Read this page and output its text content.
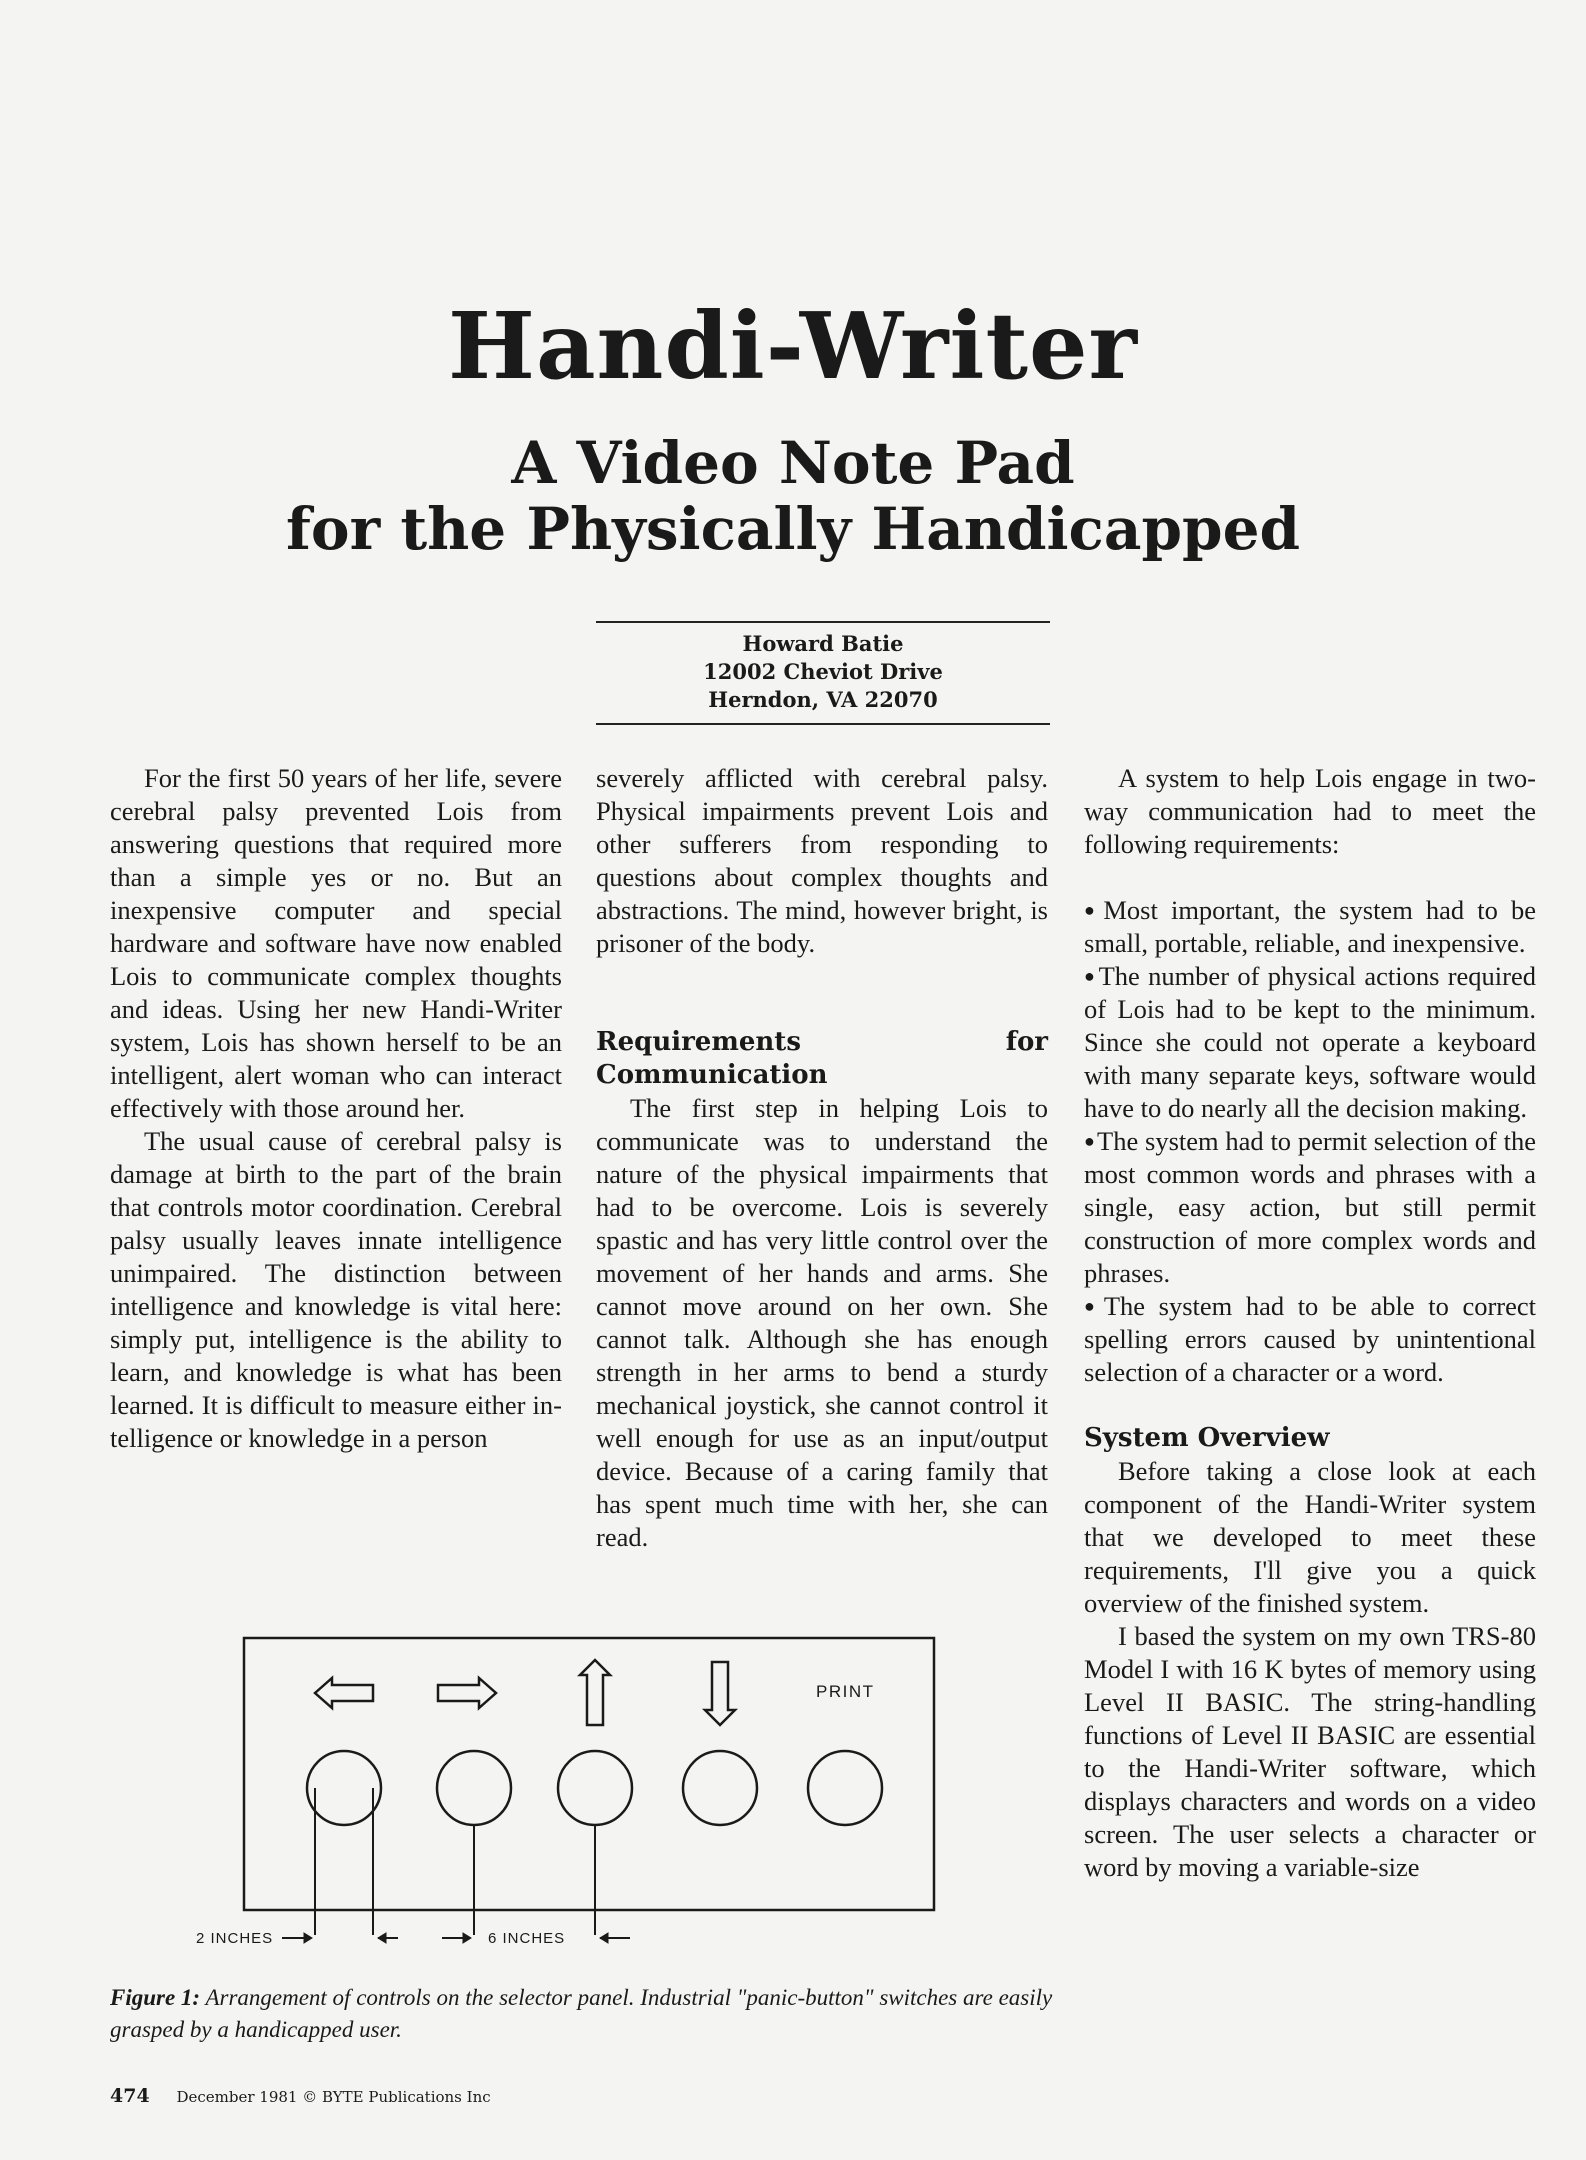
Handi-Writer
A Video Note Pad
for the Physically Handicapped
Howard Batie
12002 Cheviot Drive
Herndon, VA 22070

For the first 50 years of her life, severe cerebral palsy prevented Lois from answering questions that required more than a simple yes or no. But an inexpensive computer and special hardware and software have now enabled Lois to communicate complex thoughts and ideas. Using her new Handi-Writer system, Lois has shown herself to be an intelligent, alert woman who can interact effectively with those around her.

The usual cause of cerebral palsy is damage at birth to the part of the brain that controls motor coordination. Cerebral palsy usually leaves innate intelligence unimpaired. The distinction between intelligence and knowledge is vital here: simply put, intelligence is the ability to learn, and knowledge is what has been learned. It is difficult to measure either intelligence or knowledge in a person

severely afflicted with cerebral palsy. Physical impairments prevent Lois and other sufferers from responding to questions about complex thoughts and abstractions. The mind, however bright, is prisoner of the body.

Requirements for Communication

The first step in helping Lois to communicate was to understand the nature of the physical impairments that had to be overcome. Lois is severely spastic and has very little control over the movement of her hands and arms. She cannot move around on her own. She cannot talk. Although she has enough strength in her arms to bend a sturdy mechanical joystick, she cannot control it well enough for use as an input/output device. Because of a caring family that has spent much time with her, she can read.

A system to help Lois engage in two-way communication had to meet the following requirements:

● Most important, the system had to be small, portable, reliable, and inexpensive.

● The number of physical actions required of Lois had to be kept to the minimum. Since she could not operate a keyboard with many separate keys, software would have to do nearly all the decision making.

● The system had to permit selection of the most common words and phrases with a single, easy action, but still permit construction of more complex words and phrases.

● The system had to be able to correct spelling errors caused by unintentional selection of a character or a word.

System Overview

Before taking a close look at each component of the Handi-Writer system that we developed to meet these requirements, I'll give you a quick overview of the finished system.

I based the system on my own TRS-80 Model I with 16 K bytes of memory using Level II BASIC. The string-handling functions of Level II BASIC are essential to the Handi-Writer software, which displays characters and words on a video screen. The user selects a character or word by moving a variable-size

PRINT
2 INCHES	6 INCHES
Figure 1: Arrangement of controls on the selector panel. Industrial "panic-button" switches are easily grasped by a handicapped user.
474 December 1981 © BYTE Publications Inc
